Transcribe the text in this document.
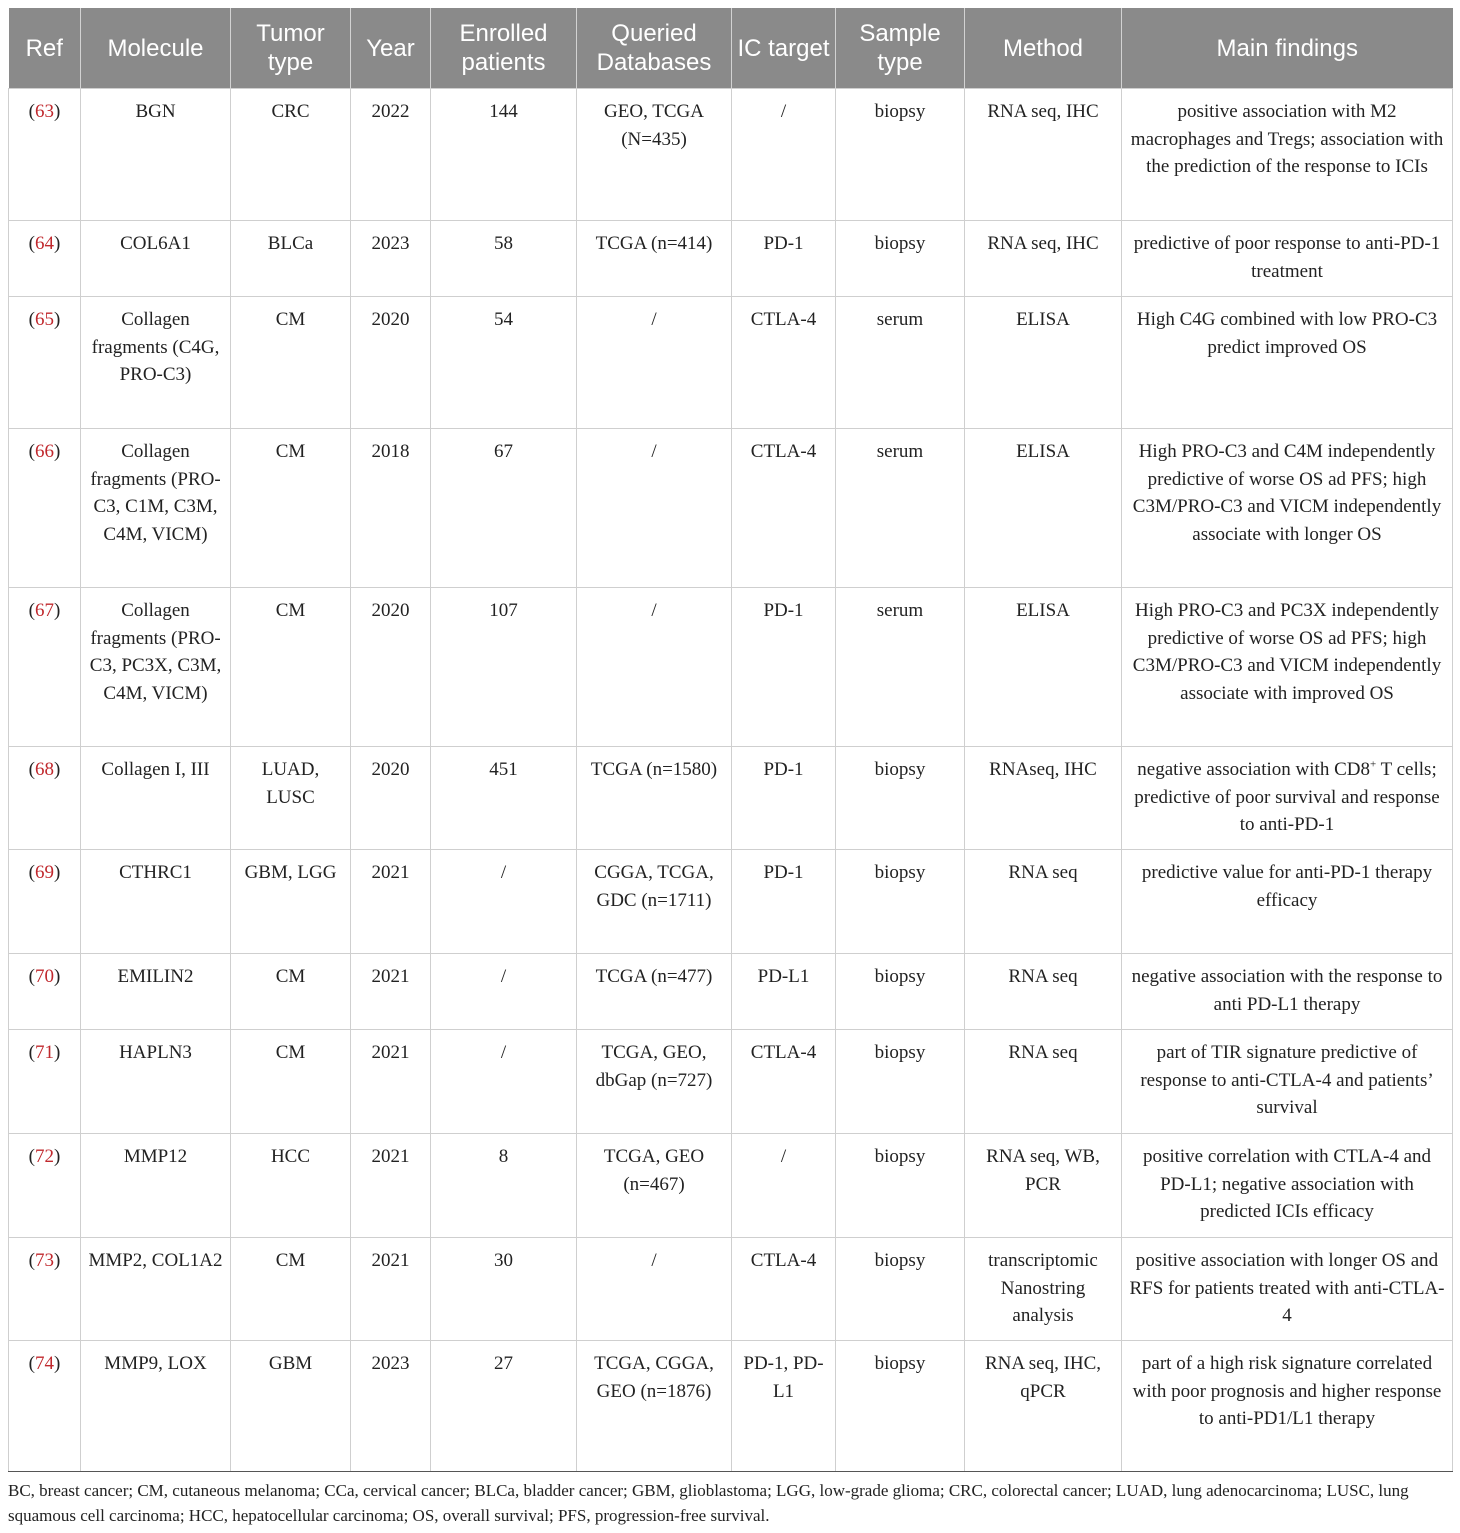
Ref	Molecule	Tumor type	Year	Enrolled patients	Queried Databases	IC target	Sample type	Method	Main findings
(63)	BGN	CRC	2022	144	GEO, TCGA (N=435)	/	biopsy	RNA seq, IHC	positive association with M2 macrophages and Tregs; association with the prediction of the response to ICIs
(64)	COL6A1	BLCa	2023	58	TCGA (n=414)	PD-1	biopsy	RNA seq, IHC	predictive of poor response to anti-PD-1 treatment
(65)	Collagen fragments (C4G, PRO-C3)	CM	2020	54	/	CTLA-4	serum	ELISA	High C4G combined with low PRO-C3 predict improved OS
(66)	Collagen fragments (PRO-C3, C1M, C3M, C4M, VICM)	CM	2018	67	/	CTLA-4	serum	ELISA	High PRO-C3 and C4M independently predictive of worse OS ad PFS; high C3M/PRO-C3 and VICM independently associate with longer OS
(67)	Collagen fragments (PRO-C3, PC3X, C3M, C4M, VICM)	CM	2020	107	/	PD-1	serum	ELISA	High PRO-C3 and PC3X independently predictive of worse OS ad PFS; high C3M/PRO-C3 and VICM independently associate with improved OS
(68)	Collagen I, III	LUAD, LUSC	2020	451	TCGA (n=1580)	PD-1	biopsy	RNAseq, IHC	negative association with CD8+ T cells; predictive of poor survival and response to anti-PD-1
(69)	CTHRC1	GBM, LGG	2021	/	CGGA, TCGA, GDC (n=1711)	PD-1	biopsy	RNA seq	predictive value for anti-PD-1 therapy efficacy
(70)	EMILIN2	CM	2021	/	TCGA (n=477)	PD-L1	biopsy	RNA seq	negative association with the response to anti PD-L1 therapy
(71)	HAPLN3	CM	2021	/	TCGA, GEO, dbGap (n=727)	CTLA-4	biopsy	RNA seq	part of TIR signature predictive of response to anti-CTLA-4 and patients’ survival
(72)	MMP12	HCC	2021	8	TCGA, GEO (n=467)	/	biopsy	RNA seq, WB, PCR	positive correlation with CTLA-4 and PD-L1; negative association with predicted ICIs efficacy
(73)	MMP2, COL1A2	CM	2021	30	/	CTLA-4	biopsy	transcriptomic Nanostring analysis	positive association with longer OS and RFS for patients treated with anti-CTLA-4
(74)	MMP9, LOX	GBM	2023	27	TCGA, CGGA, GEO (n=1876)	PD-1, PD-L1	biopsy	RNA seq, IHC, qPCR	part of a high risk signature correlated with poor prognosis and higher response to anti-PD1/L1 therapy
BC, breast cancer; CM, cutaneous melanoma; CCa, cervical cancer; BLCa, bladder cancer; GBM, glioblastoma; LGG, low-grade glioma; CRC, colorectal cancer; LUAD, lung adenocarcinoma; LUSC, lung squamous cell carcinoma; HCC, hepatocellular carcinoma; OS, overall survival; PFS, progression-free survival.
